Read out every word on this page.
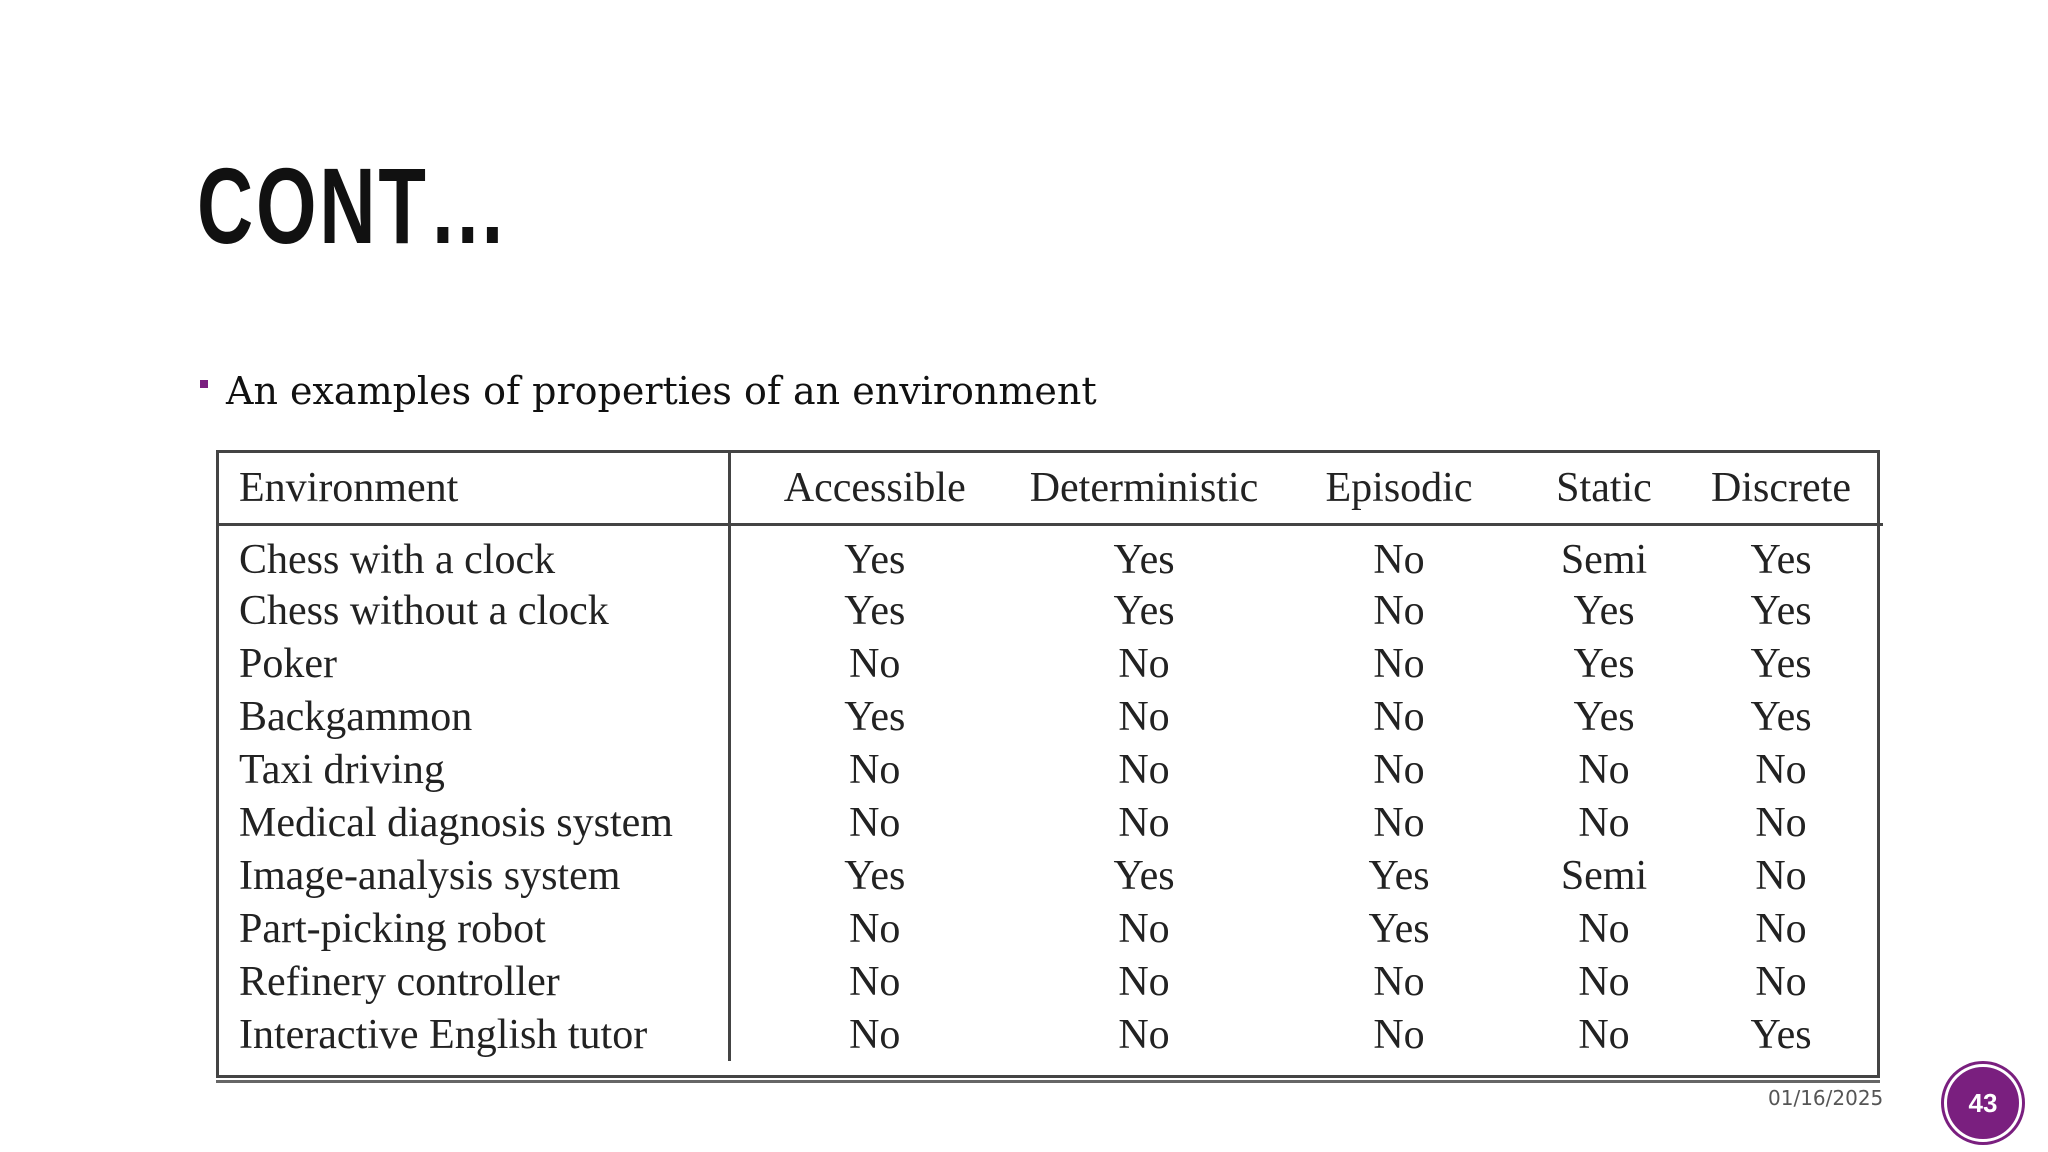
CONT…
An examples of properties of an environment
Environment	Accessible	Deterministic	Episodic	Static	Discrete
Chess with a clock	Yes	Yes	No	Semi	Yes
Chess without a clock	Yes	Yes	No	Yes	Yes
Poker	No	No	No	Yes	Yes
Backgammon	Yes	No	No	Yes	Yes
Taxi driving	No	No	No	No	No
Medical diagnosis system	No	No	No	No	No
Image-analysis system	Yes	Yes	Yes	Semi	No
Part-picking robot	No	No	Yes	No	No
Refinery controller	No	No	No	No	No
Interactive English tutor	No	No	No	No	Yes
01/16/2025	43
